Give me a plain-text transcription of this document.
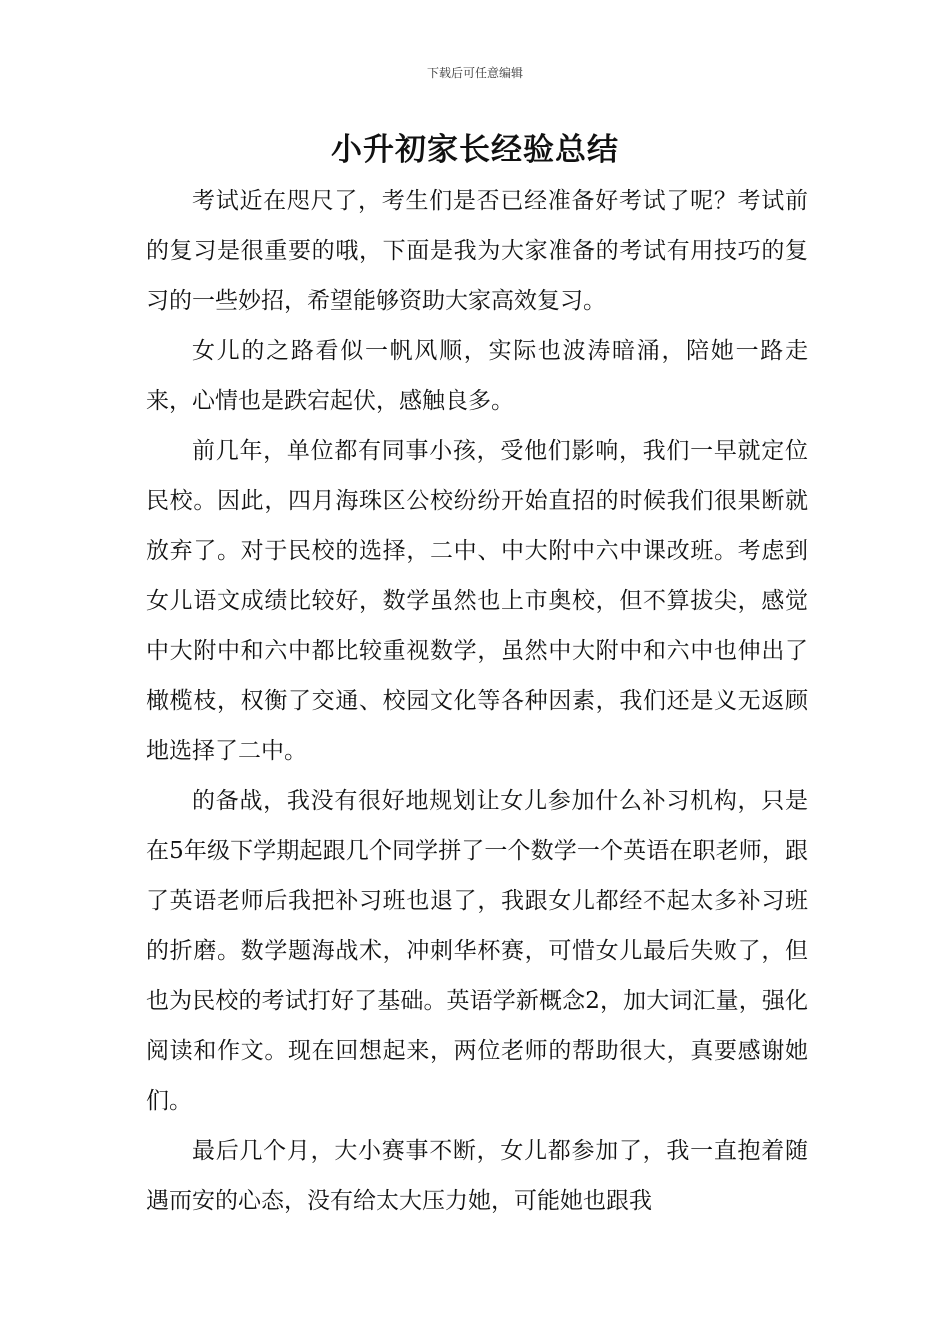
下载后可任意编辑
小升初家长经验总结

考试近在咫尺了，考生们是否已经准备好考试了呢？考试前的复习是很重要的哦，下面是我为大家准备的考试有用技巧的复习的一些妙招，希望能够资助大家高效复习。

女儿的之路看似一帆风顺，实际也波涛暗涌，陪她一路走来，心情也是跌宕起伏，感触良多。

前几年，单位都有同事小孩，受他们影响，我们一早就定位民校。因此，四月海珠区公校纷纷开始直招的时候我们很果断就放弃了。对于民校的选择，二中、中大附中六中课改班。考虑到女儿语文成绩比较好，数学虽然也上市奥校，但不算拔尖，感觉中大附中和六中都比较重视数学，虽然中大附中和六中也伸出了橄榄枝，权衡了交通、校园文化等各种因素，我们还是义无返顾地选择了二中。

的备战，我没有很好地规划让女儿参加什么补习机构，只是在5年级下学期起跟几个同学拼了一个数学一个英语在职老师，跟了英语老师后我把补习班也退了，我跟女儿都经不起太多补习班的折磨。数学题海战术，冲刺华杯赛，可惜女儿最后失败了，但也为民校的考试打好了基础。英语学新概念2，加大词汇量，强化阅读和作文。现在回想起来，两位老师的帮助很大，真要感谢她们。

最后几个月，大小赛事不断，女儿都参加了，我一直抱着随遇而安的心态，没有给太大压力她，可能她也跟我
